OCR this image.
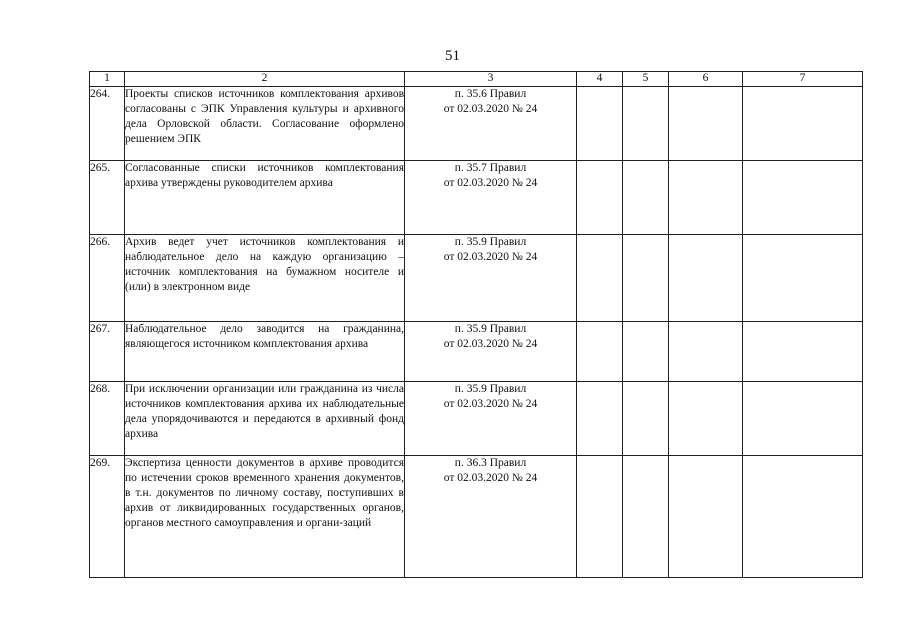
51
1	2	3	4	5	6	7
264.	Проекты списков источников комплектования архивов согласованы с ЭПК Управления культуры и архивного дела Орловской области. Согласование оформлено решением ЭПК	п. 35.6 Правил
от 02.03.2020 № 24				

265.	Согласованные списки источников комплектования архива утверждены руководителем архива	п. 35.7 Правил
от 02.03.2020 № 24				

266.	Архив ведет учет источников комплектования и наблюдательное дело на каждую организацию – источник комплектования на бумажном носителе и (или) в электронном виде	п. 35.9 Правил
от 02.03.2020 № 24				

267.	Наблюдательное дело заводится на гражданина, являющегося источником комплектования архива	п. 35.9 Правил
от 02.03.2020 № 24				

268.	При исключении организации или гражданина из числа источников комплектования архива их наблюдательные дела упорядочиваются и передаются в архивный фонд архива	п. 35.9 Правил
от 02.03.2020 № 24				

269.	Экспертиза ценности документов в архиве проводится по истечении сроков временного хранения документов, в т.н. документов по личному составу, поступивших в архив от ликвидированных государственных органов, органов местного самоуправления и органи-заций	п. 36.3 Правил
от 02.03.2020 № 24				
